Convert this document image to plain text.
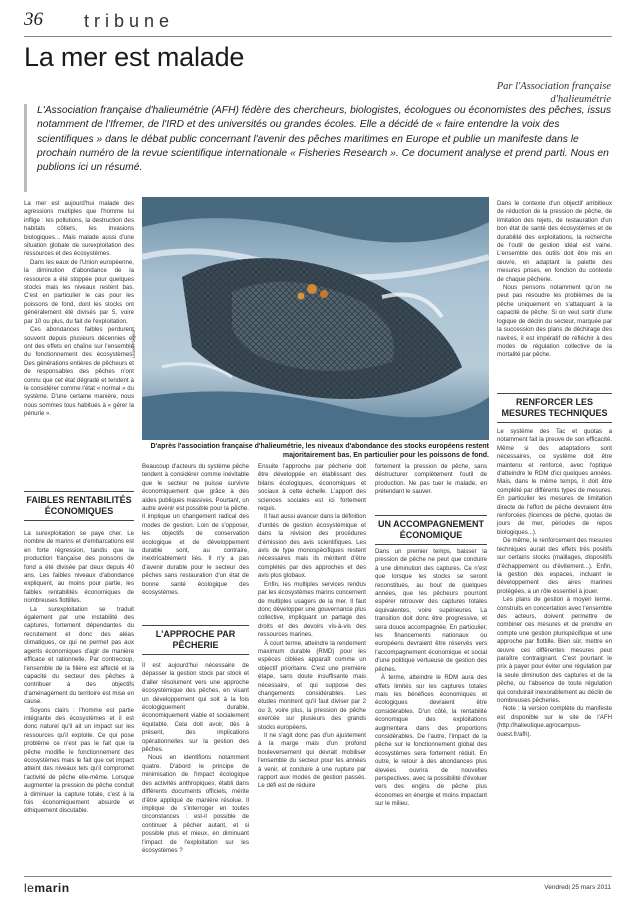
36 tribune
La mer est malade
Par l'Association française d'halieumétrie
L'Association française d'halieumétrie (AFH) fédère des chercheurs, biologistes, écologues ou économistes des pêches, issus notamment de l'Ifremer, de l'IRD et des universités ou grandes écoles. Elle a décidé de « faire entendre la voix des scientifiques » dans le débat public concernant l'avenir des pêches maritimes en Europe et publie un manifeste dans le prochain numéro de la revue scientifique internationale « Fisheries Research ». Ce document analyse et prend parti. Nous en publions ici un résumé.

La mer est aujourd'hui malade des agressions multiples que l'homme lui inflige : les pollutions, la destruction des habitats côtiers, les invasions biologiques... Mais malade aussi d'une situation globale de surexploitation des ressources et des écosystèmes.

Dans les eaux de l'Union européenne, la diminution d'abondance de la ressource a été stoppée pour quelques stocks mais les niveaux restent bas. C'est en particulier le cas pour les poissons de fond, dont les stocks ont généralement été divisés par 5, voire par 10 ou plus, du fait de l'exploitation.

Ces abondances faibles perdurent souvent depuis plusieurs décennies et ont des effets en chaîne sur l'ensemble du fonctionnement des écosystèmes. Des générations entières de pêcheurs et de responsables des pêches n'ont connu que cet état dégradé et tendent à le considérer comme l'état « normal » du système. D'une certaine manière, nous nous sommes tous habitués à « gérer la pénurie ».

FAIBLES RENTABILITÉS ÉCONOMIQUES

La surexploitation se paye cher. Le nombre de marins et d'embarcations est en forte régression, tandis que la production française des poissons de fond a été divisée par deux depuis 40 ans. Les faibles niveaux d'abondance expliquent, au moins pour partie, les faibles rentabilités économiques de nombreuses flottilles.

La surexploitation se traduit également par une instabilité des captures, fortement dépendantes du recrutement et donc des aléas climatiques, ce qui ne permet pas aux agents économiques d'agir de manière efficace et rationnelle. Par contrecoup, l'ensemble de la filière est affecté et la capacité du secteur des pêches à contribuer à des objectifs d'aménagement du territoire est mise en cause.

Soyons clairs : l'homme est partie intégrante des écosystèmes et il est donc naturel qu'il ait un impact sur les ressources qu'il exploite. Ce qui pose problème ce n'est pas le fait que la pêche modifie le fonctionnement des écosystèmes mais le fait que cet impact atteint des niveaux tels qu'il compromet l'activité de pêche elle-même. Lorsque augmenter la pression de pêche conduit à diminuer la capture totale, c'est à la fois économiquement absurde et éthiquement discutable.

Lionel Flageul
D'après l'association française d'halieumétrie, les niveaux d'abondance des stocks européens restent majoritairement bas. En particulier pour les poissons de fond.

Beaucoup d'acteurs du système pêche tendent à considérer comme inévitable que le secteur ne puisse survivre économiquement que grâce à des aides publiques massives. Pourtant, un autre avenir est possible pour la pêche. Il implique un changement radical des modes de gestion. Loin de s'opposer, les objectifs de conservation écologique et de développement durable sont, au contraire, inextricablement liés. Il n'y a pas d'avenir durable pour le secteur des pêches sans restauration d'un état de bonne santé écologique des écosystèmes.

L'APPROCHE PAR PÊCHERIE

Il est aujourd'hui nécessaire de dépasser la gestion stock par stock et d'aller résolument vers une approche écosystémique des pêches, en visant un développement qui soit à la fois écologiquement durable, économiquement viable et socialement équitable. Cela doit avoir, dès à présent, des implications opérationnelles sur la gestion des pêches.

Nous en identifions notamment quatre. D'abord le principe de minimisation de l'impact écologique des activités anthropiques, établi dans différents documents officiels, mérite d'être appliqué de manière résolue. Il implique de s'interroger en toutes circonstances : est-il possible de continuer à pêcher autant, et si possible plus et mieux, en diminuant l'impact de l'exploitation sur les écosystèmes ?

Ensuite l'approche par pêcherie doit être développée en établissant des bilans écologiques, économiques et sociaux à cette échelle. L'apport des sciences sociales est ici fortement requis.

Il faut aussi avancer dans la définition d'unités de gestion écosystémique et dans la révision des procédures d'émission des avis scientifiques. Les avis de type monospécifiques restent nécessaires mais ils méritent d'être complétés par des approches et des avis plus globaux.

Enfin, les multiples services rendus par les écosystèmes marins concernent de multiples usagers de la mer. Il faut donc développer une gouvernance plus collective, impliquant un partage des droits et des devoirs vis-à-vis des ressources marines.

À court terme, atteindre la rendement maximum durable (RMD) pour les espèces ciblées apparaît comme un objectif prioritaire. C'est une première étape, sans doute insuffisante mais nécessaire, et qui suppose des changements considérables. Les études montrent qu'il faut diviser par 2 ou 3, voire plus, la pression de pêche exercée sur plusieurs des grands stocks européens.

Il ne s'agit donc pas d'un ajustement à la marge mais d'un profond bouleversement qui devrait mobiliser l'ensemble du secteur pour les années à venir, et conduire à une rupture par rapport aux modes de gestion passés. Le défi est de réduire

fortement la pression de pêche, sans déstructurer complètement l'outil de production. Ne pas tuer le malade, en prétendant le sauver.

UN ACCOMPAGNEMENT ÉCONOMIQUE

Dans un premier temps, baisser la pression de pêche ne peut que conduire à une diminution des captures. Ce n'est que lorsque les stocks se seront reconstitués, au bout de quelques années, que les pêcheurs pourront espérer retrouver des captures totales équivalentes, voire supérieures. La transition doit donc être progressive, et sera douce accompagnée. En particulier, les financements nationaux ou européens devraient être réservés vers l'accompagnement économique et social d'une politique vertueuse de gestion des pêches.

À terme, atteindre le RDM aura des effets limités sur les captures totales mais les bénéfices économiques et écologiques devraient être considérables. D'un côté, la rentabilité économique des exploitations augmentera dans des proportions considérables. De l'autre, l'impact de la pêche sur le fonctionnement global des écosystèmes sera fortement réduit. En outre, le retour à des abondances plus élevées ouvrira de nouvelles perspectives, avec la possibilité d'évoluer vers des engins de pêche plus économes en énergie et moins impactant sur le milieu.

Dans le contexte d'un objectif ambitieux de réduction de la pression de pêche, de limitation des rejets, de restauration d'un bon état de santé des écosystèmes et de durabilité des exploitations, la recherche de l'outil de gestion idéal est vaine. L'ensemble des outils doit être mis en œuvre, en adaptant la palette des mesures prises, en fonction du contexte de chaque pêcherie.

Nous pensons notamment qu'on ne peut pas résoudre les problèmes de la pêche uniquement en s'attaquant à la capacité de pêche. Si on veut sortir d'une logique de déclin du secteur, marquée par la succession des plans de déchirage des navires, il est impératif de réfléchir à des modes de régulation collective de la mortalité par pêche.

RENFORCER LES MESURES TECHNIQUES

Le système des Tac et quotas a notamment fait la preuve de son efficacité. Même si des adaptations sont nécessaires, ce système doit être maintenu et renforcé, avec l'optique d'atteindre le RDM d'ici quelques années. Mais, dans le même temps, il doit être complété par différents types de mesures. En particulier les mesures de limitation directe de l'effort de pêche devraient être renforcées (licences de pêche, quotas de jours de mer, périodes de repos biologiques...).

De même, le renforcement des mesures techniques aurait des effets très positifs sur certains stocks (maillages, dispositifs d'échappement ou d'évitement...). Enfin, la gestion des espaces, incluant le développement des aires marines protégées, a un rôle essentiel à jouer.

Les plans de gestion à moyen terme, construits en concertation avec l'ensemble des acteurs, doivent permettre de combiner ces mesures et de prendre en compte une gestion plurispécifique et une approche par flottille. Bien sûr, mettre en œuvre ces différentes mesures peut paraître contraignant. C'est pourtant le prix à payer pour éviter une régulation par la seule diminution des captures et de la pêche, ou l'absence de toute régulation qui conduirait inexorablement au déclin de nombreuses pêcheries.

Note : la version complète du manifeste est disponible sur le site de l'AFH (http://halieutique.agrocampus-ouest.fr/afh).

lemarin	Vendredi 25 mars 2011
